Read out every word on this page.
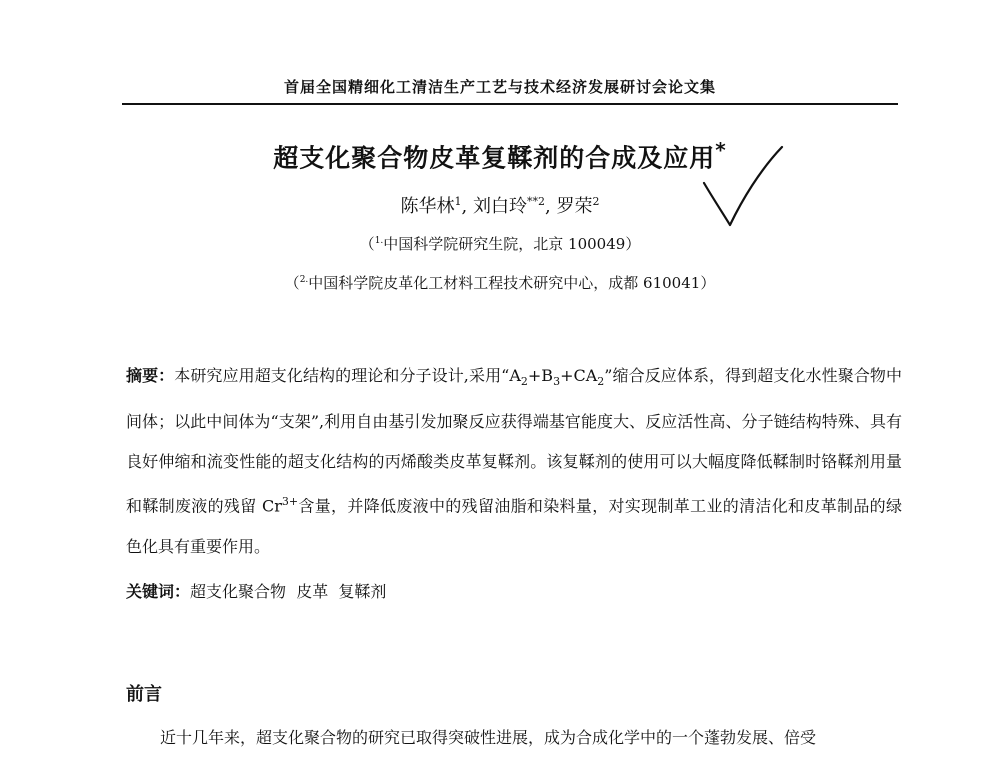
首届全国精细化工清洁生产工艺与技术经济发展研讨会论文集
超支化聚合物皮革复鞣剂的合成及应用*
陈华林$^1$, 刘白玲$^{**2}$, 罗荣$^2$
（$^{1.}$中国科学院研究生院，北京 100049）
（$^{2.}$中国科学院皮革化工材料工程技术研究中心，成都 610041）
摘要：本研究应用超支化结构的理论和分子设计,采用“$A_2+B_3+CA_2$”缩合反应体系，得到超支化水性聚合物中间体；以此中间体为“支架”,利用自由基引发加聚反应获得端基官能度大、反应活性高、分子链结构特殊、具有良好伸缩和流变性能的超支化结构的丙烯酸类皮革复鞣剂。该复鞣剂的使用可以大幅度降低鞣制时铬鞣剂用量和鞣制废液的残留 $Cr^{3+}$含量，并降低废液中的残留油脂和染料量，对实现制革工业的清洁化和皮革制品的绿色化具有重要作用。
关键词：超支化聚合物  皮革  复鞣剂
前言
近十几年来，超支化聚合物的研究已取得突破性进展，成为合成化学中的一个蓬勃发展、倍受
